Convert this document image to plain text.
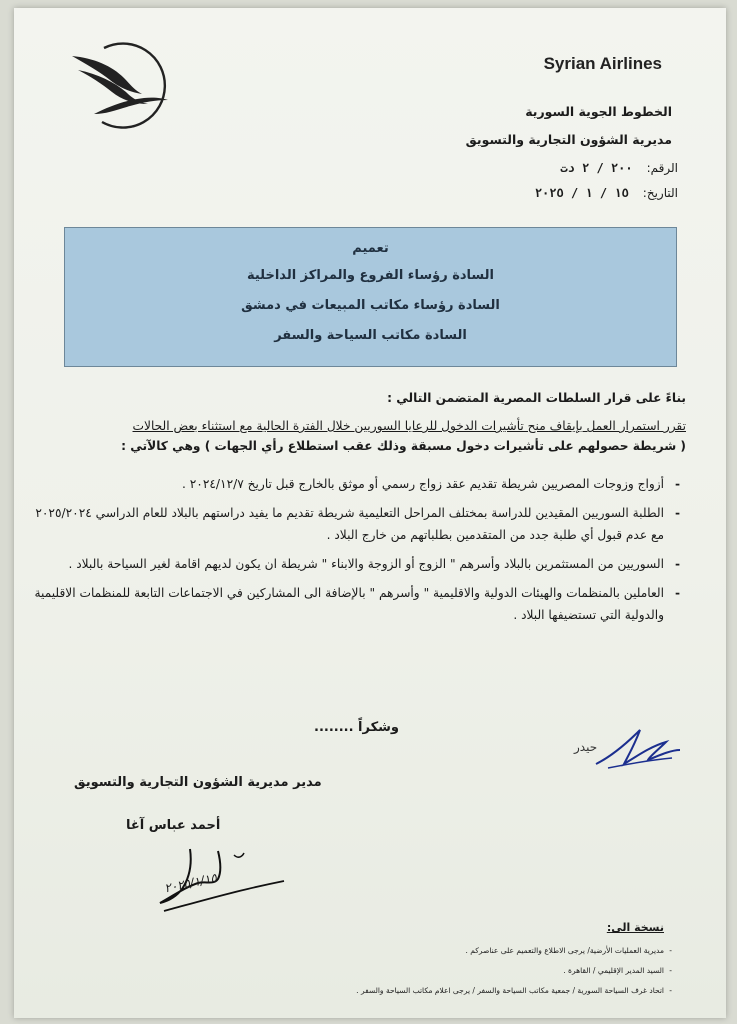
Syrian Airlines
الخطوط الجوية السورية
مديرية الشؤون التجارية والتسويق
الرقم:
٢٠٠ / ٢ دت
التاريخ:
١٥ / ١ / ٢٠٢٥
تعميم
السادة رؤساء الفروع والمراكز الداخلية
السادة رؤساء مكاتب المبيعات في دمشق
السادة مكاتب السياحة والسفر
بناءً على قرار السلطات المصرية المتضمن التالي :
تقرر استمرار العمل بإيقاف منح تأشيرات الدخول للرعايا السوريين خلال الفترة الحالية مع استثناء بعض الحالات
( شريطة حصولهم على تأشيرات دخول مسبقة وذلك عقب استطلاع رأي الجهات ) وهي كالآتي :
- أزواج وزوجات المصريين شريطة تقديم عقد زواج رسمي أو موثق بالخارج قبل تاريخ ٢٠٢٤/١٢/٧ .
- الطلبة السوريين المقيدين للدراسة بمختلف المراحل التعليمية شريطة تقديم ما يفيد دراستهم بالبلاد للعام الدراسي ٢٠٢٥/٢٠٢٤ مع عدم قبول أي طلبة جدد من المتقدمين بطلباتهم من خارج البلاد .
- السوريين من المستثمرين بالبلاد وأسرهم " الزوج أو الزوجة والابناء " شريطة ان يكون لديهم اقامة لغير السياحة بالبلاد .
- العاملين بالمنظمات والهيئات الدولية والاقليمية " وأسرهم " بالإضافة الى المشاركين في الاجتماعات التابعة للمنظمات الاقليمية والدولية التي تستضيفها البلاد .
وشكراً ........
حيدر
مدير مديرية الشؤون التجارية والتسويق
أحمد عباس آغا
٢٠٢٥/١/١٥
نسخة الى:
- مديرية العمليات الأرضية/ يرجى الاطلاع والتعميم على عناصركم .
- السيد المدير الإقليمي / القاهرة .
- اتحاد غرف السياحة السورية / جمعية مكاتب السياحة والسفر / يرجى اعلام مكاتب السياحة والسفر .
